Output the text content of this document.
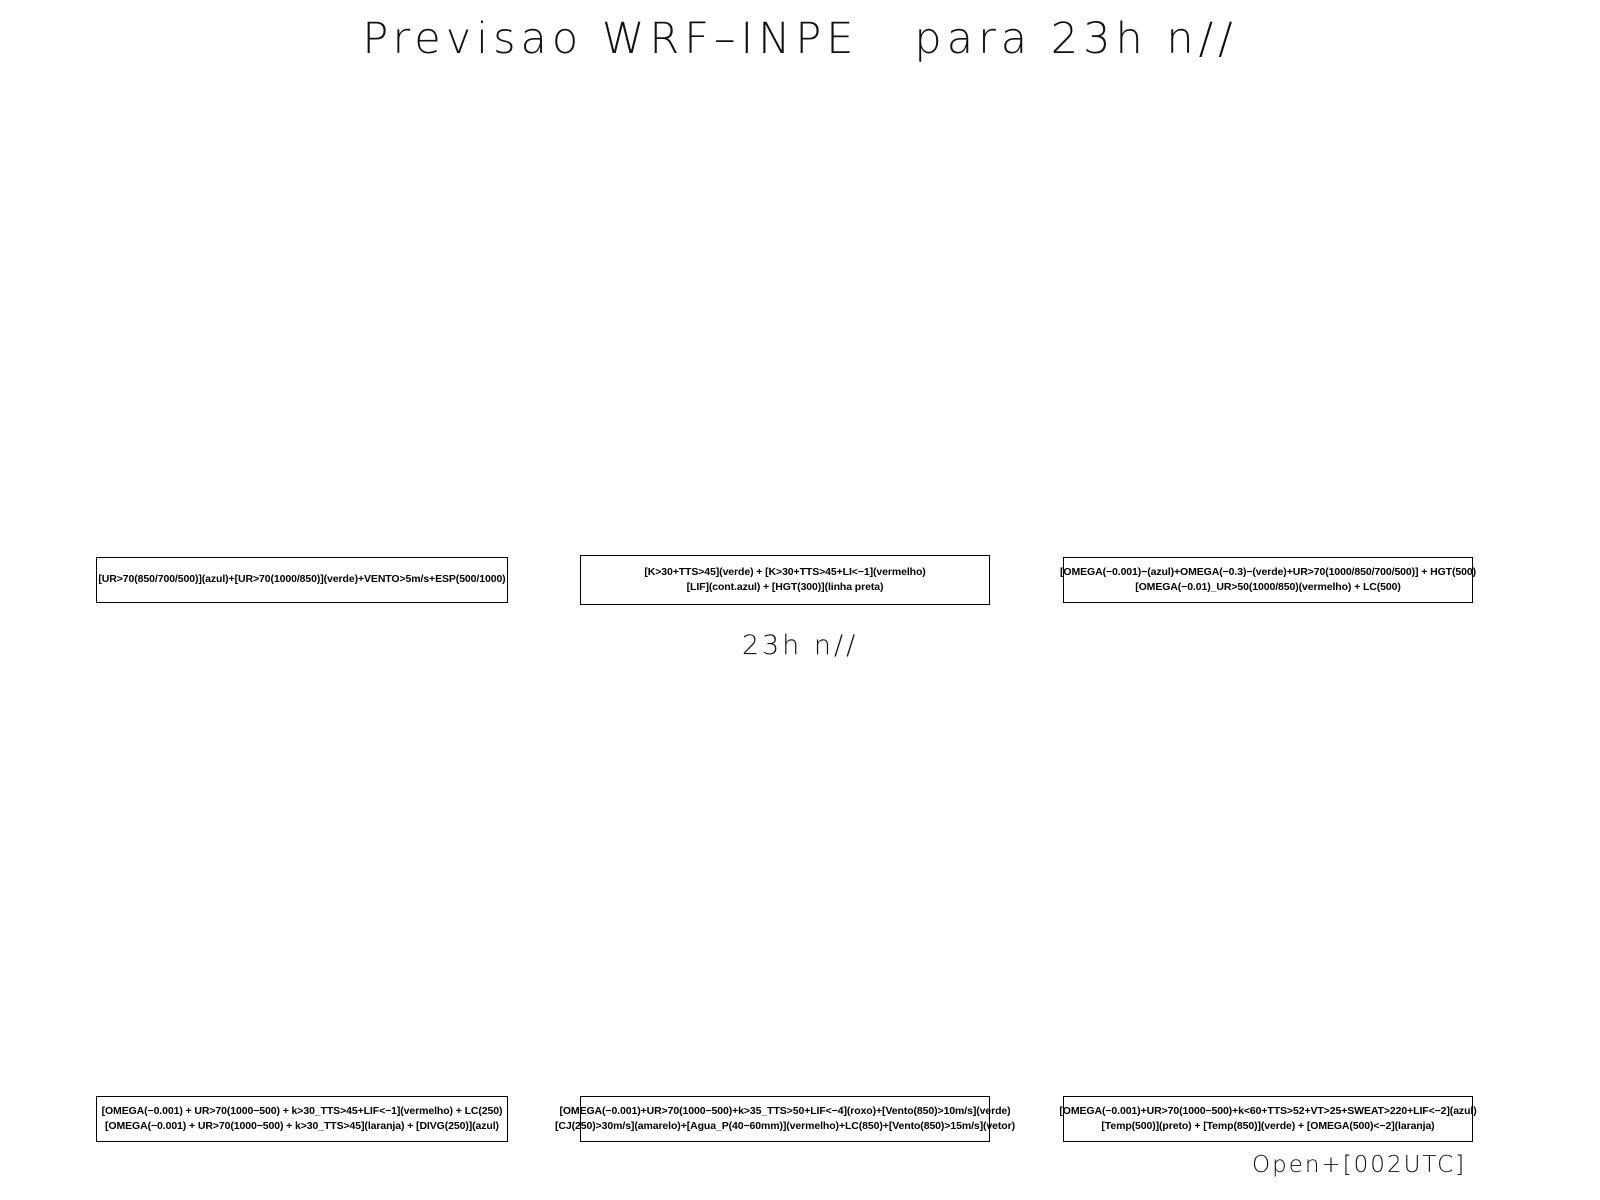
Previsao WRF–INPE   para 23h n//
[UR>70(850/700/500)](azul)+[UR>70(1000/850)](verde)+VENTO>5m/s+ESP(500/1000)
[K>30+TTS>45](verde) + [K>30+TTS>45+LI<−1](vermelho)
[LIF](cont.azul) + [HGT(300)](linha preta)
[OMEGA(−0.001)−(azul)+OMEGA(−0.3)−(verde)+UR>70(1000/850/700/500)] + HGT(500)
[OMEGA(−0.01)_UR>50(1000/850)(vermelho) + LC(500)
23h n//
[OMEGA(−0.001) + UR>70(1000−500) + k>30_TTS>45+LIF<−1](vermelho) + LC(250)
[OMEGA(−0.001) + UR>70(1000−500) + k>30_TTS>45](laranja) + [DIVG(250)](azul)
[OMEGA(−0.001)+UR>70(1000−500)+k>35_TTS>50+LIF<−4](roxo)+[Vento(850)>10m/s](verde)
[CJ(250)>30m/s](amarelo)+[Agua_P(40−60mm)](vermelho)+LC(850)+[Vento(850)>15m/s](vetor)
[OMEGA(−0.001)+UR>70(1000−500)+k<60+TTS>52+VT>25+SWEAT>220+LIF<−2](azul)
[Temp(500)](preto) + [Temp(850)](verde) + [OMEGA(500)<−2](laranja)
Open+[002UTC]
